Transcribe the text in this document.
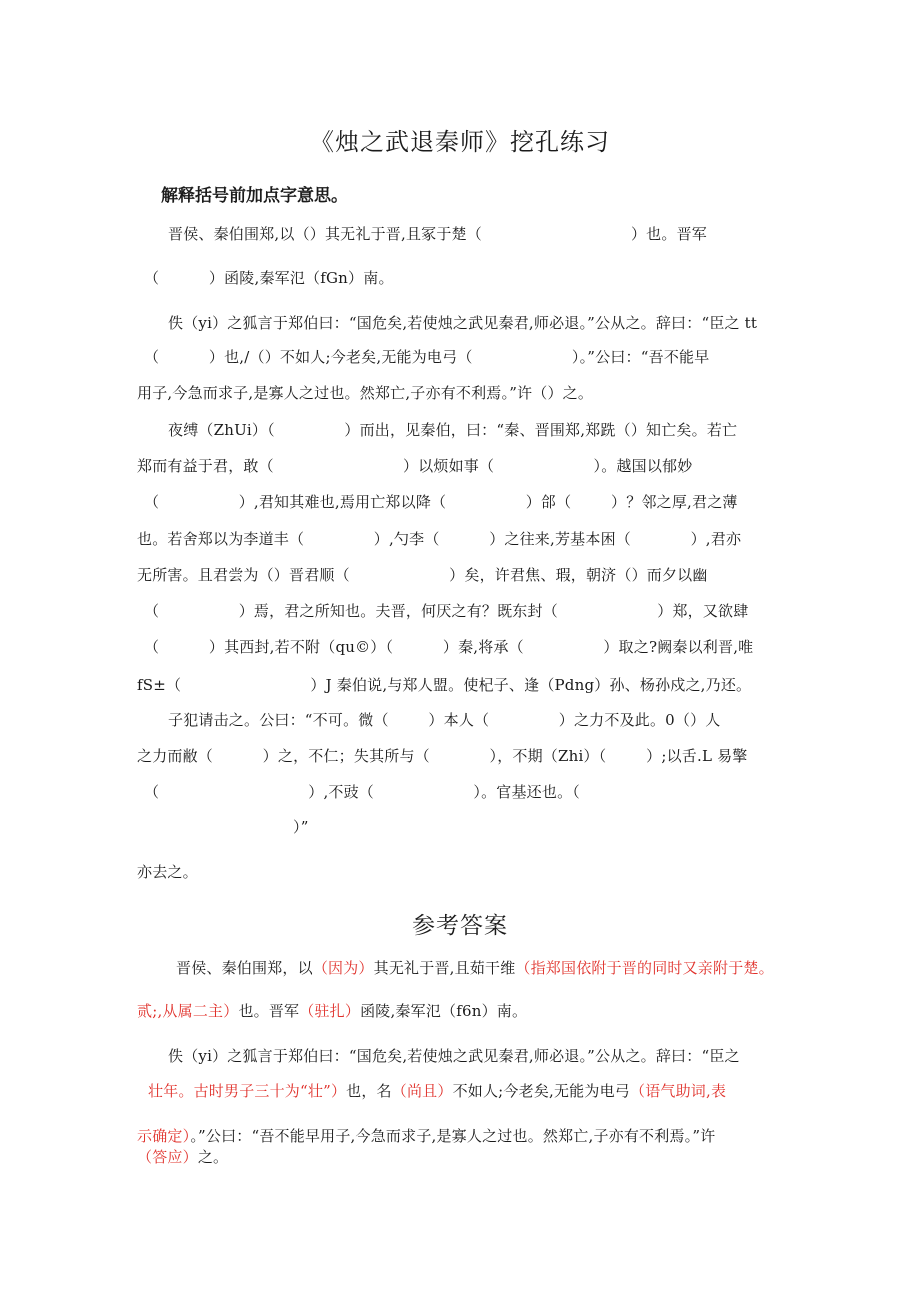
《烛之武退秦师》挖孔练习
解释括号前加点字意思。
晋侯、秦伯围郑,以（）其无礼于晋,且冢于楚（                              ）也。晋军
（          ）函陵,秦军氾（fGn）南。
佚（yi）之狐言于郑伯曰：“国危矣,若使烛之武见秦君,师必退。”公从之。辞曰：“臣之 tt
（          ）也,/（）不如人;今老矣,无能为电弓（                    ）。”公曰：“吾不能早
用子,今急而求子,是寡人之过也。然郑亡,子亦有不利焉。”许（）之。
夜缚（ZhUi）（              ）而出，见秦伯，曰：“秦、晋围郑,郑跣（）知亡矣。若亡
郑而有益于君，敢（                          ）以烦如事（                    ）。越国以郁妙
（                ）,君知其难也,焉用亡郑以降（                ）郃（        ）？邻之厚,君之薄
也。若舍郑以为李道丰（              ）,勺李（          ）之往来,芳基本困（            ）,君亦
无所害。且君尝为（）晋君顺（                    ）矣，许君焦、瑕，朝济（）而夕以幽
（                ）焉，君之所知也。夫晋，何厌之有？既东封（                    ）郑，又欲肆
（          ）其西封,若不附（qu©）（          ）秦,将承（                ）取之?阙秦以利晋,唯
fS±（                          ）J 秦伯说,与郑人盟。使杞子、逢（Pdng）孙、杨孙戍之,乃还。
子犯请击之。公曰：“不可。微（        ）本人（              ）之力不及此。0（）人
之力而敝（          ）之，不仁；失其所与（            ），不期（Zhi）（        ）;以舌.L 易擎
（                              ）,不豉（                    ）。官基还也。（
）”
亦去之。
参考答案
晋侯、秦伯围郑，以（因为）其无礼于晋,且茹干维（指郑国依附于晋的同时又亲附于楚。
贰;,从属二主）也。晋军（驻扎）函陵,秦军氾（f6n）南。
佚（yi）之狐言于郑伯曰：“国危矣,若使烛之武见秦君,师必退。”公从之。辞曰：“臣之
壮年。古时男子三十为“壮”）也，名（尚且）不如人;今老矣,无能为电弓（语气助词,表
示确定）。”公曰：“吾不能早用子,今急而求子,是寡人之过也。然郑亡,子亦有不利焉。”许
（答应）之。
